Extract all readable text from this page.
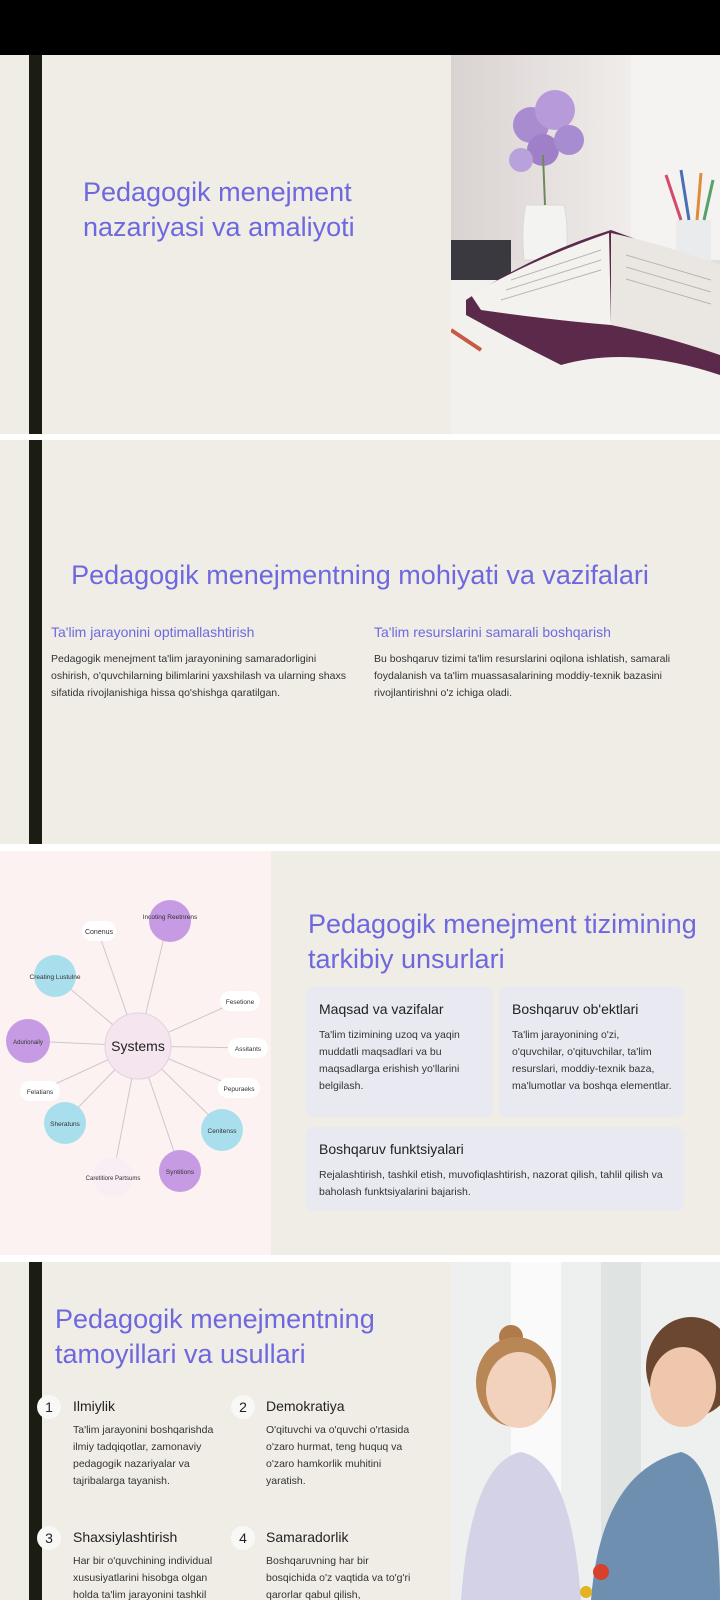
Pedagogik menejment nazariyasi va amaliyoti
Pedagogik menejmentning mohiyati va vazifalari
Ta'lim jarayonini optimallashtirish

Pedagogik menejment ta'lim jarayonining samaradorligini oshirish, o'quvchilarning bilimlarini yaxshilash va ularning shaxs sifatida rivojlanishiga hissa qo'shishga qaratilgan.

Ta'lim resurslarini samarali boshqarish

Bu boshqaruv tizimi ta'lim resurslarini oqilona ishlatish, samarali foydalanish va ta'lim muassasalarining moddiy-texnik bazasini rivojlantirishni o'z ichiga oladi.

Systems
Conenus
Incoting Reetnrens
Creating Lustulne
Fesetione
Adurionaily
Assitants
Felatians	Pepuraeks
Sheratuns
Cenitenss
Caretitiore Partsums
Syntitions
Pedagogik menejment tizimining tarkibiy unsurlari
Maqsad va vazifalar

Ta'lim tizimining uzoq va yaqin muddatli maqsadlari va bu maqsadlarga erishish yo'llarini belgilash.

Boshqaruv ob'ektlari

Ta'lim jarayonining o'zi, o'quvchilar, o'qituvchilar, ta'lim resurslari, moddiy-texnik baza, ma'lumotlar va boshqa elementlar.

Boshqaruv funktsiyalari

Rejalashtirish, tashkil etish, muvofiqlashtirish, nazorat qilish, tahlil qilish va baholash funktsiyalarini bajarish.

Pedagogik menejmentning tamoyillari va usullari
1	Ilmiylik

Ta'lim jarayonini boshqarishda ilmiy tadqiqotlar, zamonaviy pedagogik nazariyalar va tajribalarga tayanish.

2	Demokratiya

O'qituvchi va o'quvchi o'rtasida o'zaro hurmat, teng huquq va o'zaro hamkorlik muhitini yaratish.

3	Shaxsiylashtirish

Har bir o'quvchining individual xususiyatlarini hisobga olgan holda ta'lim jarayonini tashkil

4	Samaradorlik

Boshqaruvning har bir bosqichida o'z vaqtida va to'g'ri qarorlar qabul qilish,
